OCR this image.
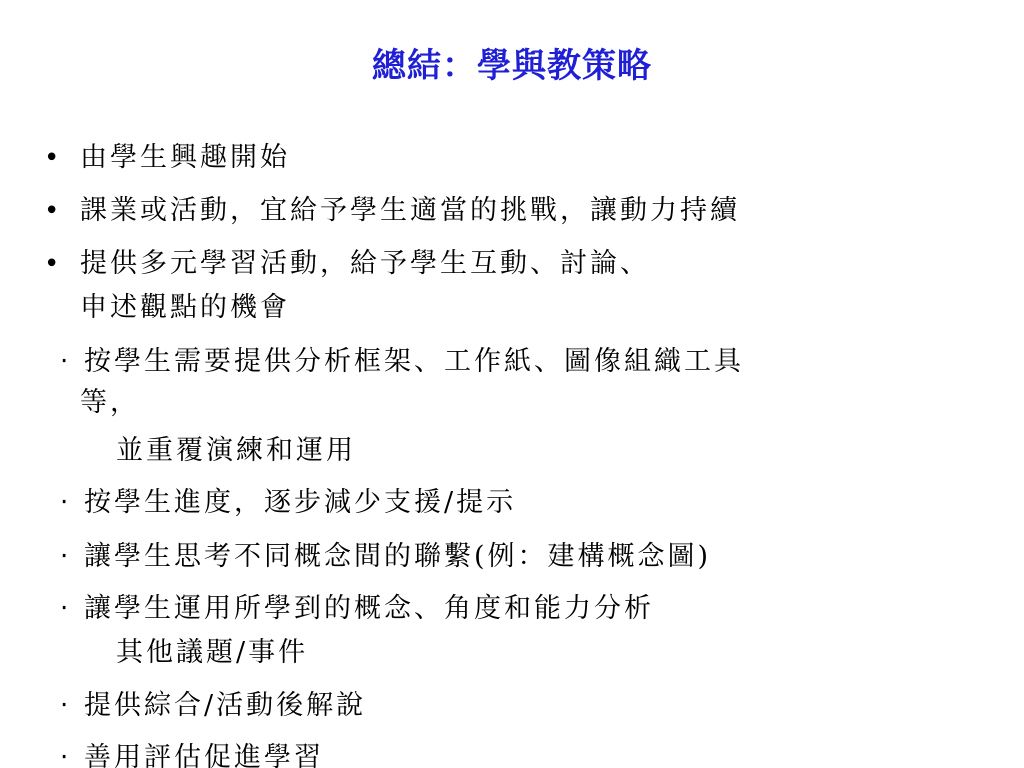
總結：學與教策略
• 由學生興趣開始
• 課業或活動，宜給予學生適當的挑戰，讓動力持續
• 提供多元學習活動，給予學生互動、討論、
申述觀點的機會
‧ 按學生需要提供分析框架、工作紙、圖像組織工具
等，
並重覆演練和運用
‧ 按學生進度，逐步減少支援/提示
‧ 讓學生思考不同概念間的聯繫(例：建構概念圖)
‧ 讓學生運用所學到的概念、角度和能力分析
其他議題/事件
‧ 提供綜合/活動後解說
‧ 善用評估促進學習
